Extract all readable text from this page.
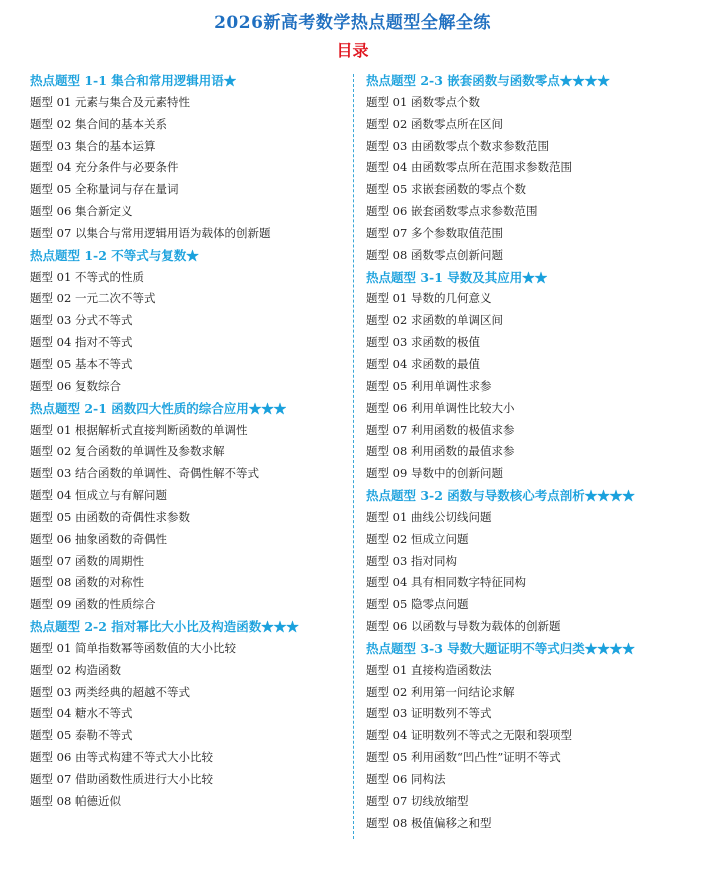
2026新高考数学热点题型全解全练
目录
热点题型 1-1 集合和常用逻辑用语★
题型 01 元素与集合及元素特性
题型 02 集合间的基本关系
题型 03 集合的基本运算
题型 04 充分条件与必要条件
题型 05 全称量词与存在量词
题型 06 集合新定义
题型 07 以集合与常用逻辑用语为载体的创新题
热点题型 1-2 不等式与复数★
题型 01 不等式的性质
题型 02 一元二次不等式
题型 03 分式不等式
题型 04 指对不等式
题型 05 基本不等式
题型 06 复数综合
热点题型 2-1 函数四大性质的综合应用★★★
题型 01 根据解析式直接判断函数的单调性
题型 02 复合函数的单调性及参数求解
题型 03 结合函数的单调性、奇偶性解不等式
题型 04 恒成立与有解问题
题型 05 由函数的奇偶性求参数
题型 06 抽象函数的奇偶性
题型 07 函数的周期性
题型 08 函数的对称性
题型 09 函数的性质综合
热点题型 2-2 指对幂比大小比及构造函数★★★
题型 01 简单指数幂等函数值的大小比较
题型 02 构造函数
题型 03 两类经典的超越不等式
题型 04 糖水不等式
题型 05 泰勒不等式
题型 06 由等式构建不等式大小比较
题型 07 借助函数性质进行大小比较
题型 08 帕德近似
热点题型 2-3 嵌套函数与函数零点★★★★
题型 01 函数零点个数
题型 02 函数零点所在区间
题型 03 由函数零点个数求参数范围
题型 04 由函数零点所在范围求参数范围
题型 05 求嵌套函数的零点个数
题型 06 嵌套函数零点求参数范围
题型 07 多个参数取值范围
题型 08 函数零点创新问题
热点题型 3-1 导数及其应用★★
题型 01 导数的几何意义
题型 02 求函数的单调区间
题型 03 求函数的极值
题型 04 求函数的最值
题型 05 利用单调性求参
题型 06 利用单调性比较大小
题型 07 利用函数的极值求参
题型 08 利用函数的最值求参
题型 09 导数中的创新问题
热点题型 3-2 函数与导数核心考点剖析★★★★
题型 01 曲线公切线问题
题型 02 恒成立问题
题型 03 指对同构
题型 04 具有相同数字特征同构
题型 05 隐零点问题
题型 06 以函数与导数为载体的创新题
热点题型 3-3 导数大题证明不等式归类★★★★
题型 01 直接构造函数法
题型 02 利用第一问结论求解
题型 03 证明数列不等式
题型 04 证明数列不等式之无限和裂项型
题型 05 利用函数“凹凸性”证明不等式
题型 06 同构法
题型 07 切线放缩型
题型 08 极值偏移之和型
